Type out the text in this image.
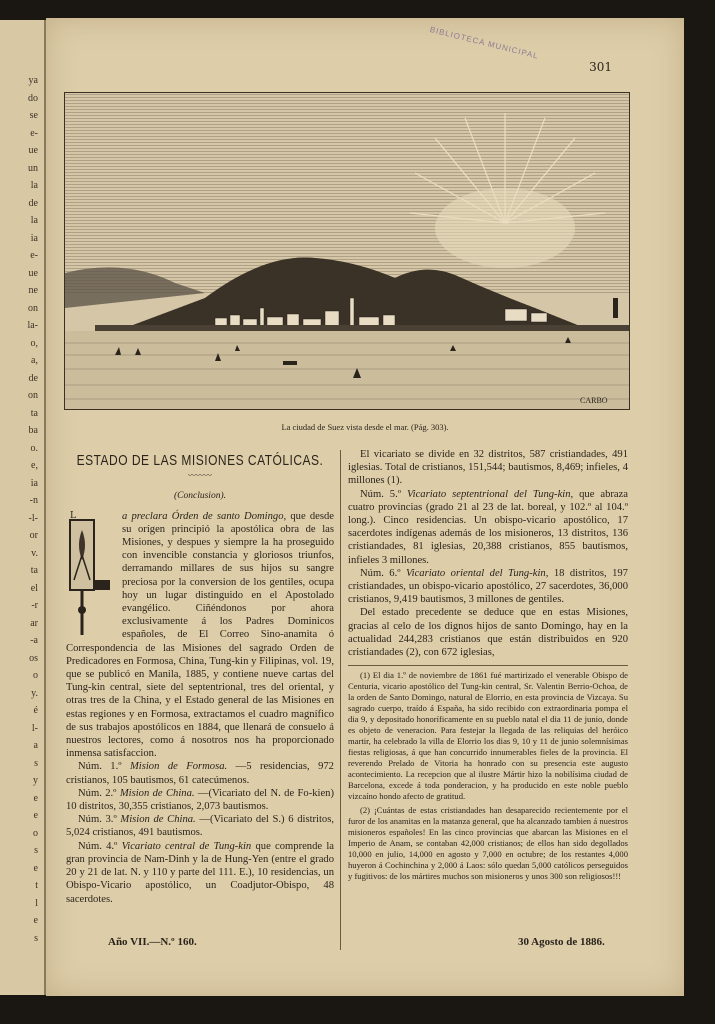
ya
do
se
e-
ue
un
la
de
la
ia
e-
ue
ne
on
la-
o,
a,
de
on
ta
ba
o.
e,
ia
-n
-l-
or
v.
ta
el
-r
ar
-a
os
o
y.
é
l-
a
s
y
e
e
o
s
e
t
l
e
s
BIBLIOTECA MUNICIPAL
301
CARBO
La ciudad de Suez vista desde el mar. (Pág. 303).
ESTADO DE LAS MISIONES CATÓLICAS.
〰〰〰
(Conclusion).
L	a preclara Órden de santo Domingo, que desde su orígen principió la apostólica obra de las Misiones, y despues y siempre la ha proseguido con invencible constancia y gloriosos triunfos, derramando millares de sus hijos su sangre preciosa por la conversion de los gentiles, ocupa hoy un lugar distinguido en el Apostolado evangélico. Ciñéndonos por ahora exclusivamente á los Padres Dominicos españoles, de El Correo Sino-anamita ó Correspondencia de las Misiones del sagrado Orden de Predicadores en Formosa, China, Tung-kin y Filipinas, vol. 19, que se publicó en Manila, 1885, y contiene nueve cartas del Tung-kin central, siete del septentrional, tres del oriental, y otras tres de la China, y el Estado general de las Misiones en estas regiones y en Formosa, extractamos el cuadro magnífico de sus trabajos apostólicos en 1884, que llenará de consuelo á nuestros lectores, como á nosotros nos ha proporcionado inmensa satisfaccion.

Núm. 1.º Mision de Formosa. —5 residencias, 972 cristianos, 105 bautismos, 61 catecúmenos.

Núm. 2.º Mision de China. —(Vicariato del N. de Fo-kien) 10 distritos, 30,355 cristianos, 2,073 bautismos.

Núm. 3.º Mision de China. —(Vicariato del S.) 6 distritos, 5,024 cristianos, 491 bautismos.

Núm. 4.º Vicariato central de Tung-kin que comprende la gran provincia de Nam-Dinh y la de Hung-Yen (entre el grado 20 y 21 de lat. N. y 110 y parte del 111. E.), 10 residencias, un Obispo-Vicario apostólico, un Coadjutor-Obispo, 48 sacerdotes.

El vicariato se divide en 32 distritos, 587 cristiandades, 491 iglesias. Total de cristianos, 151,544; bautismos, 8,469; infieles, 4 millones (1).

Núm. 5.º Vicariato septentrional del Tung-kin, que abraza cuatro provincias (grado 21 al 23 de lat. boreal, y 102.º al 104.º long.). Cinco residencias. Un obispo-vicario apostólico, 17 sacerdotes indígenas además de los misioneros, 13 distritos, 136 cristiandades, 81 iglesias, 20,388 cristianos, 855 bautismos, infieles 3 millones.

Núm. 6.º Vicariato oriental del Tung-kin, 18 distritos, 197 cristiandades, un obispo-vicario apostólico, 27 sacerdotes, 36,000 cristianos, 9,419 bautismos, 3 millones de gentiles.

Del estado precedente se deduce que en estas Misiones, gracias al celo de los dignos hijos de santo Domingo, hay en la actualidad 244,283 cristianos que están distribuidos en 920 cristiandades (2), con 672 iglesias,

(1) El dia 1.º de noviembre de 1861 fué martirizado el venerable Obispo de Centuria, vicario apostólico del Tung-kin central, Sr. Valentin Berrio-Ochoa, de la orden de Santo Domingo, natural de Elorrio, en esta provincia de Vizcaya. Su sagrado cuerpo, traído á España, ha sido recibido con extraordinaria pompa el dia 9, y depositado honoríficamente en su pueblo natal el dia 11 de junio, donde es objeto de veneracion. Para festejar la llegada de las reliquias del heróico martir, ha celebrado la villa de Elorrio los dias 9, 10 y 11 de junio solemnísimas fiestas religiosas, á que han concurrido innumerables fieles de la provincia. El reverendo Prelado de Vitoria ha honrado con su presencia este augusto acontecimiento. La recepcion que al ilustre Mártir hizo la nobilísima ciudad de Barcelona, excede á toda ponderacion, y ha producido en este noble pueblo vizcaíno hondo afecto de gratitud.

(2) ¡Cuántas de estas cristiandades han desaparecido recientemente por el furor de los anamitas en la matanza general, que ha alcanzado tambien á nuestros misioneros españoles! En las cinco provincias que abarcan las Misiones en el Imperio de Anam, se contaban 42,000 cristianos; de ellos han sido degollados 10,000 en julio, 14,000 en agosto y 7,000 en octubre; de los restantes 4,000 huyeron á Cochinchina y 2,000 á Laos: sólo quedan 5,000 católicos perseguidos y fugitivos: de los mártires muchos son misioneros y unos 300 son religiosos!!!

Año VII.—N.º 160.	30 Agosto de 1886.
